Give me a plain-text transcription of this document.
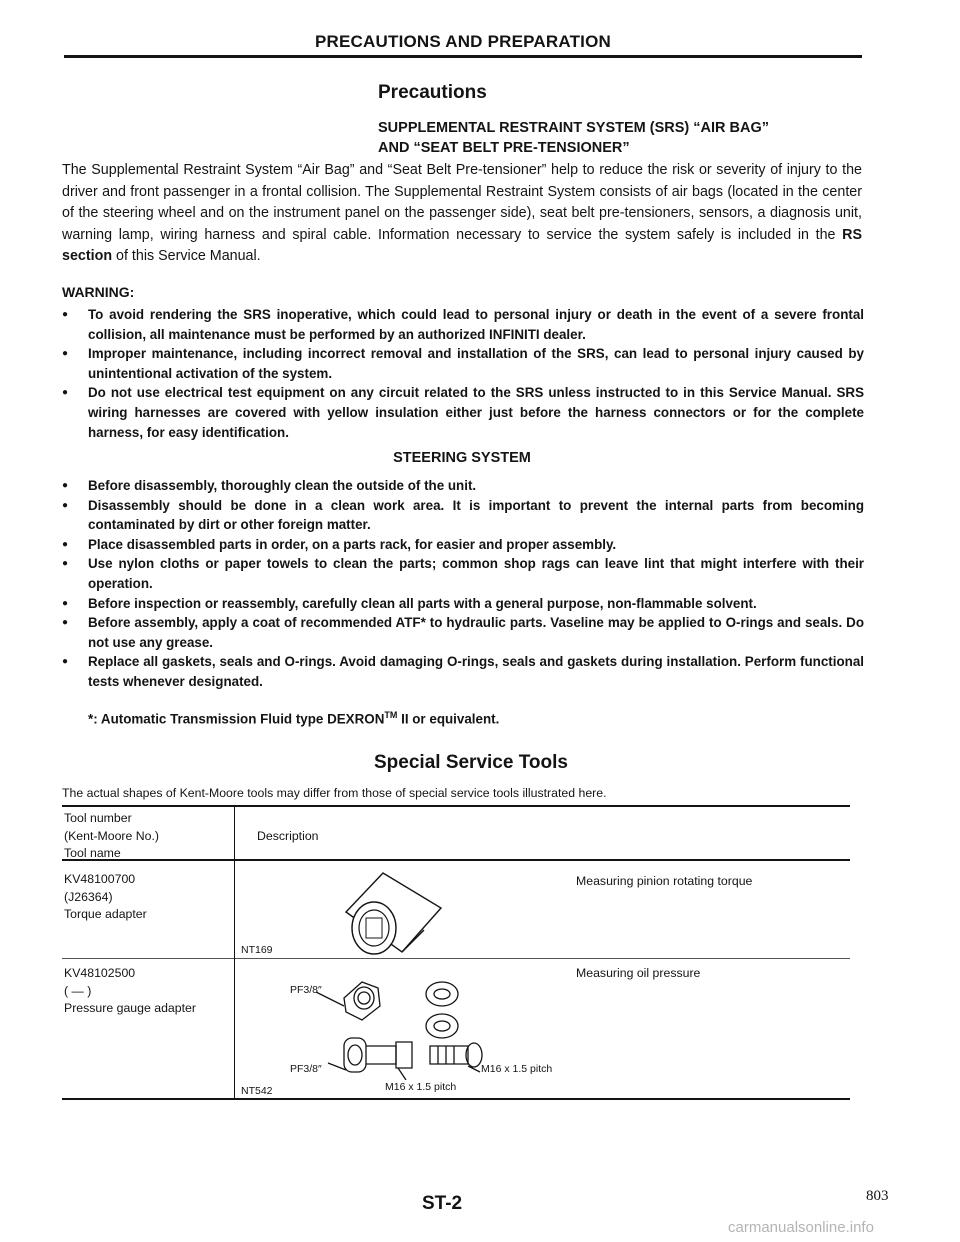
PRECAUTIONS AND PREPARATION
Precautions
SUPPLEMENTAL RESTRAINT SYSTEM (SRS) “AIR BAG”
AND “SEAT BELT PRE-TENSIONER”

The Supplemental Restraint System “Air Bag” and “Seat Belt Pre-tensioner” help to reduce the risk or severity of injury to the driver and front passenger in a frontal collision. The Supplemental Restraint System consists of air bags (located in the center of the steering wheel and on the instrument panel on the passenger side), seat belt pre-tensioners, sensors, a diagnosis unit, warning lamp, wiring harness and spiral cable. Information necessary to service the system safely is included in the RS section of this Service Manual.

WARNING:
● To avoid rendering the SRS inoperative, which could lead to personal injury or death in the event of a severe frontal collision, all maintenance must be performed by an authorized INFINITI dealer.
● Improper maintenance, including incorrect removal and installation of the SRS, can lead to personal injury caused by unintentional activation of the system.
● Do not use electrical test equipment on any circuit related to the SRS unless instructed to in this Service Manual. SRS wiring harnesses are covered with yellow insulation either just before the harness connectors or for the complete harness, for easy identification.
STEERING SYSTEM
● Before disassembly, thoroughly clean the outside of the unit.
● Disassembly should be done in a clean work area. It is important to prevent the internal parts from becoming contaminated by dirt or other foreign matter.
● Place disassembled parts in order, on a parts rack, for easier and proper assembly.
● Use nylon cloths or paper towels to clean the parts; common shop rags can leave lint that might interfere with their operation.
● Before inspection or reassembly, carefully clean all parts with a general purpose, non-flammable solvent.
● Before assembly, apply a coat of recommended ATF* to hydraulic parts. Vaseline may be applied to O-rings and seals. Do not use any grease.
● Replace all gaskets, seals and O-rings. Avoid damaging O-rings, seals and gaskets during installation. Perform functional tests whenever designated.
*: Automatic Transmission Fluid type DEXRON™ II or equivalent.
Special Service Tools
The actual shapes of Kent-Moore tools may differ from those of special service tools illustrated here.
Tool number
(Kent-Moore No.)
Tool name
Description
KV48100700
(J26364)
Torque adapter
NT169
Measuring pinion rotating torque
KV48102500
( — )
Pressure gauge adapter
Measuring oil pressure
PF3/8″
PF3/8″	M16 x 1.5 pitch
M16 x 1.5 pitch
NT542
ST-2	803
carmanualsonline.info
